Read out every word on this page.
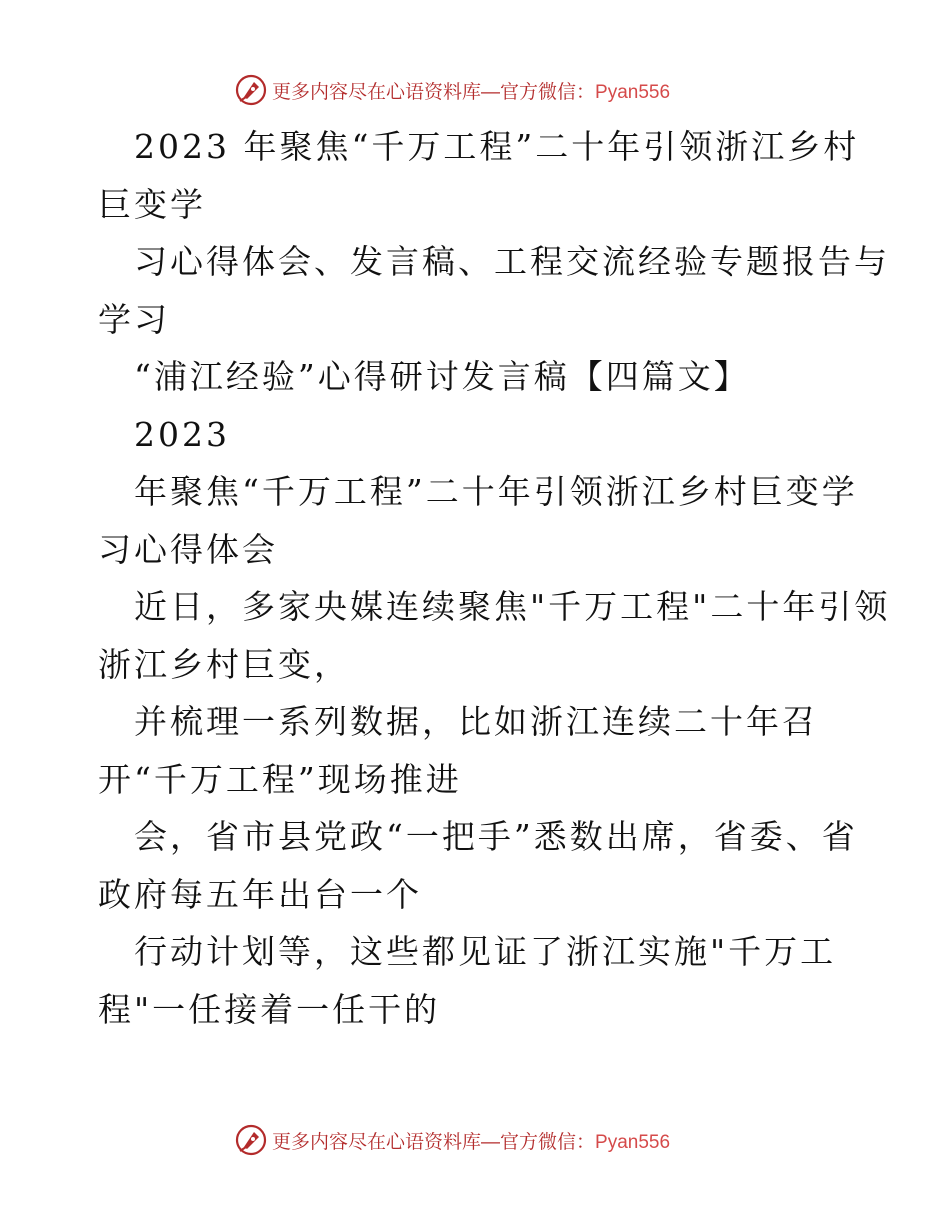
更多内容尽在心语资料库—官方微信：Pyan556
2023 年聚焦“千万工程”二十年引领浙江乡村
巨变学
习心得体会、发言稿、工程交流经验专题报告与
学习
“浦江经验”心得研讨发言稿【四篇文】
2023
年聚焦“千万工程”二十年引领浙江乡村巨变学
习心得体会
近日，多家央媒连续聚焦"千万工程"二十年引领
浙江乡村巨变，
并梳理一系列数据，比如浙江连续二十年召
开“千万工程”现场推进
会，省市县党政“一把手”悉数出席，省委、省
政府每五年出台一个
行动计划等，这些都见证了浙江实施"千万工
程"一任接着一任干的
更多内容尽在心语资料库—官方微信：Pyan556
